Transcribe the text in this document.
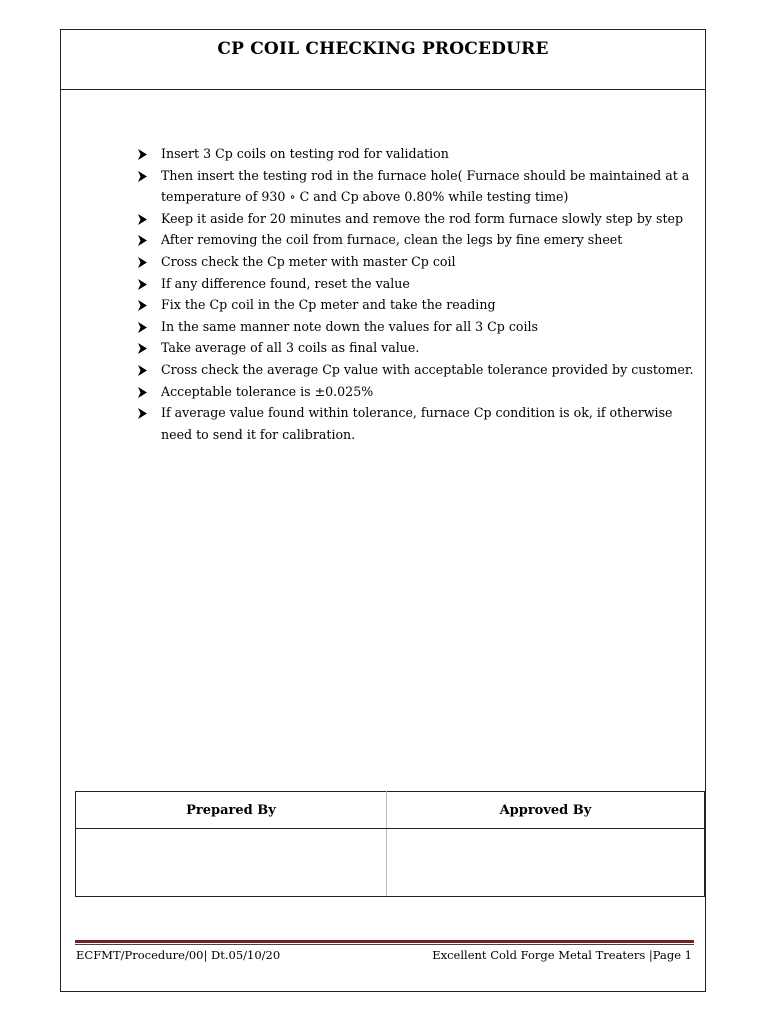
CP COIL CHECKING PROCEDURE
Insert 3 Cp coils on testing rod for validation
Then insert the testing rod in the furnace hole( Furnace should be maintained at a temperature of 930 ∘ C and Cp above 0.80% while testing time)
Keep it aside for 20 minutes and remove the rod form furnace slowly step by step
After removing the coil from furnace, clean the legs by fine emery sheet
Cross check the Cp meter with master Cp coil
If any difference found, reset the value
Fix the Cp coil in the Cp meter and take the reading
In the same manner note down the values for all 3 Cp coils
Take average of all 3 coils as final value.
Cross check the average Cp value with acceptable tolerance provided by customer.
Acceptable tolerance is ±0.025%
If average value found within tolerance, furnace Cp condition is ok, if otherwise need to send it for calibration.
Prepared By	Approved By

ECFMT/Procedure/00| Dt.05/10/20	Excellent Cold Forge Metal Treaters |Page 1
